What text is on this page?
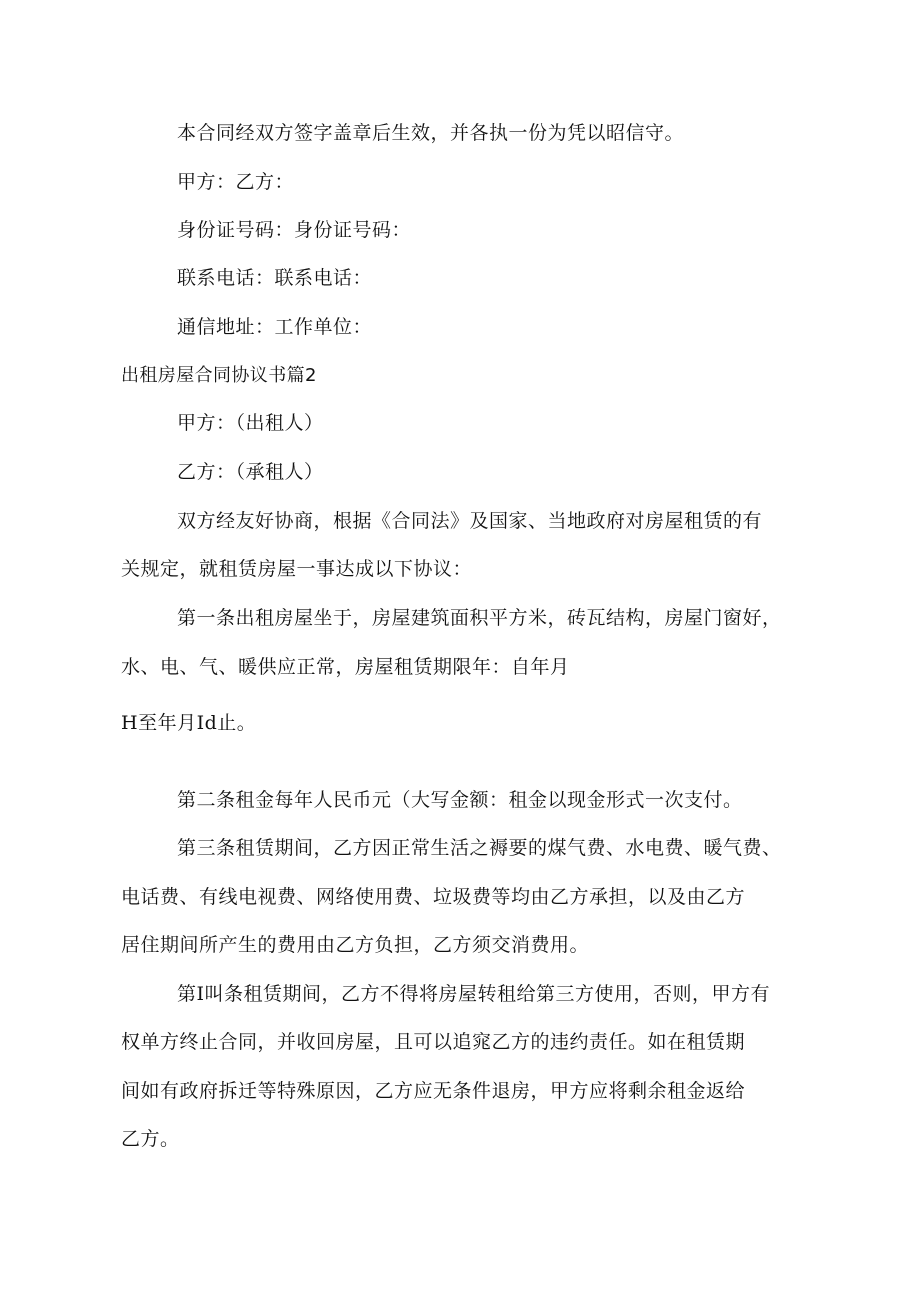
本合同经双方签字盖章后生效，并各执一份为凭以昭信守。
甲方：乙方：
身份证号码：身份证号码：
联系电话：联系电话：
通信地址：工作单位：
出租房屋合同协议书篇2
甲方：（出租人）
乙方：（承租人）
双方经友好协商，根据《合同法》及国家、当地政府对房屋租赁的有
关规定，就租赁房屋一事达成以下协议：
第一条出租房屋坐于，房屋建筑面积平方米，砖瓦结构，房屋门窗好，
水、电、气、暖供应正常，房屋租赁期限年：自年月
H至年月Id止。
第二条租金每年人民币元（大写金额：租金以现金形式一次支付。
第三条租赁期间，乙方因正常生活之褥要的煤气费、水电费、暖气费、
电话费、有线电视费、网络使用费、垃圾费等均由乙方承担，以及由乙方
居住期间所产生的费用由乙方负担，乙方须交消费用。
第I叫条租赁期间，乙方不得将房屋转租给第三方使用，否则，甲方有
权单方终止合同，并收回房屋，且可以追窕乙方的违约责任。如在租赁期
间如有政府拆迁等特殊原因，乙方应无条件退房，甲方应将剩余租金返给
乙方。
